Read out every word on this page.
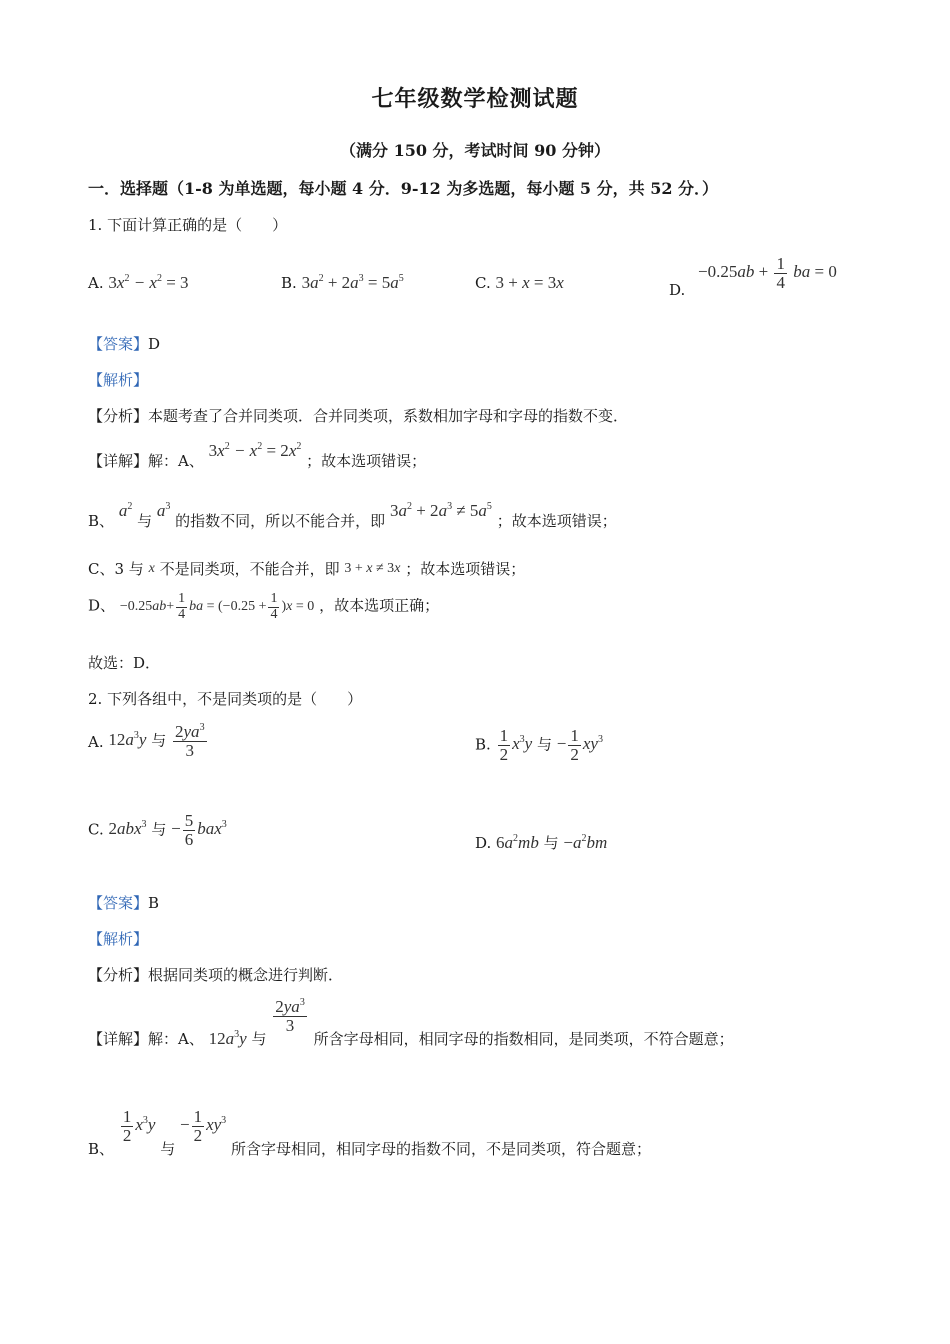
七年级数学检测试题
（满分 150 分，考试时间 90 分钟）
一．选择题（1-8 为单选题，每小题 4 分．9-12 为多选题，每小题 5 分，共 52 分．）
1. 下面计算正确的是（　　）
A. $3x^2 - x^2 = 3$	B. $3a^2 + 2a^3 = 5a^5$	C. 3 + x = 3x	D. $-0.25ab + \frac{1}{4}$ ba = 0
【答案】D
【解析】
【分析】本题考查了合并同类项．合并同类项，系数相加字母和字母的指数不变．
【详解】解：A、 $3x^2 - x^2 = 2x^2$ ；故本选项错误；
B、 $a^2$ 与 $a^3$ 的指数不同，所以不能合并，即 $3a^2 + 2a^3 \ne 5a^5$ ；故本选项错误；
C、3 与 x 不是同类项，不能合并，即 3 + x ≠ 3x ；故本选项错误；
D、 $-0.25ab+ \frac{1}{4}$ ba = $(-0.25 + \frac{1}{4} )x = 0$ ，故本选项正确；
故选：D．
2. 下列各组中，不是同类项的是（　　）
A. $12a^3y$ 与 $\frac{2ya^3}{3}$	B. $\frac{1}{2} x^3y$ 与 − $\frac{1}{2} xy^3$
C. 2abx$^3$ 与 − $\frac{5}{6} bax^3$
D. $6a^2mb$ 与 $-a^2bm$
【答案】B
【解析】
【分析】根据同类项的概念进行判断．
【详解】解：A、 $12a^3y$ 与
$\frac{2ya^3}{3}$
所含字母相同，相同字母的指数相同，是同类项，不符合题意；
B、
$\frac{1}{2} x^3y$ 与 − $\frac{1}{2} xy^3$ 所含字母相同，相同字母的指数不同，不是同类项，符合题意；
